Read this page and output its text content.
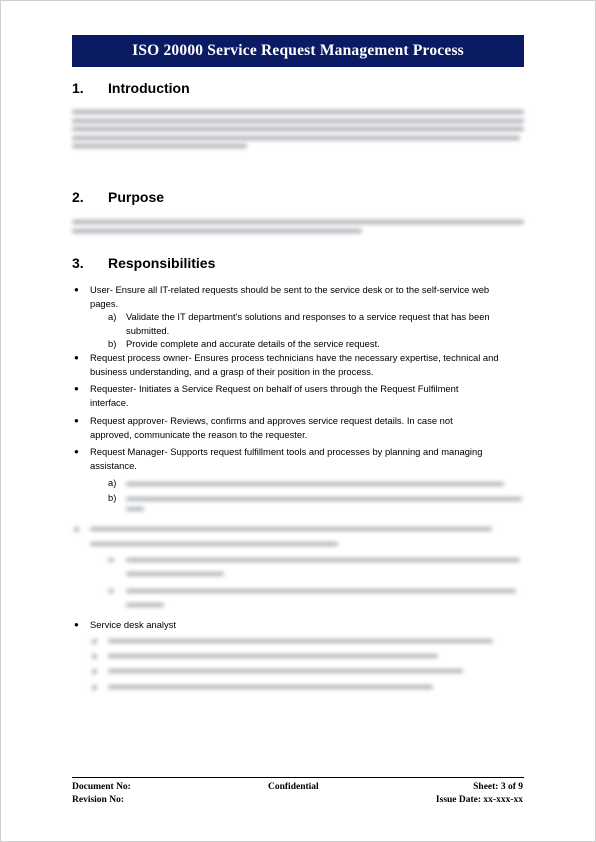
ISO 20000 Service Request Management Process
1. Introduction
2. Purpose
3. Responsibilities
● User- Ensure all IT-related requests should be sent to the service desk or to the self-service web
pages.
a) Validate the IT department's solutions and responses to a service request that has been
submitted.
b) Provide complete and accurate details of the service request.
● Request process owner- Ensures process technicians have the necessary expertise, technical and
business understanding, and a grasp of their position in the process.
● Requester- Initiates a Service Request on behalf of users through the Request Fulfilment
interface.
● Request approver- Reviews, confirms and approves service request details. In case not
approved, communicate the reason to the requester.
● Request Manager- Supports request fulfillment tools and processes by planning and managing
assistance.
a)
b)
● Service desk analyst
Document No:
Revision No:
Confidential	Sheet: 3 of 9
Issue Date: xx-xxx-xx
